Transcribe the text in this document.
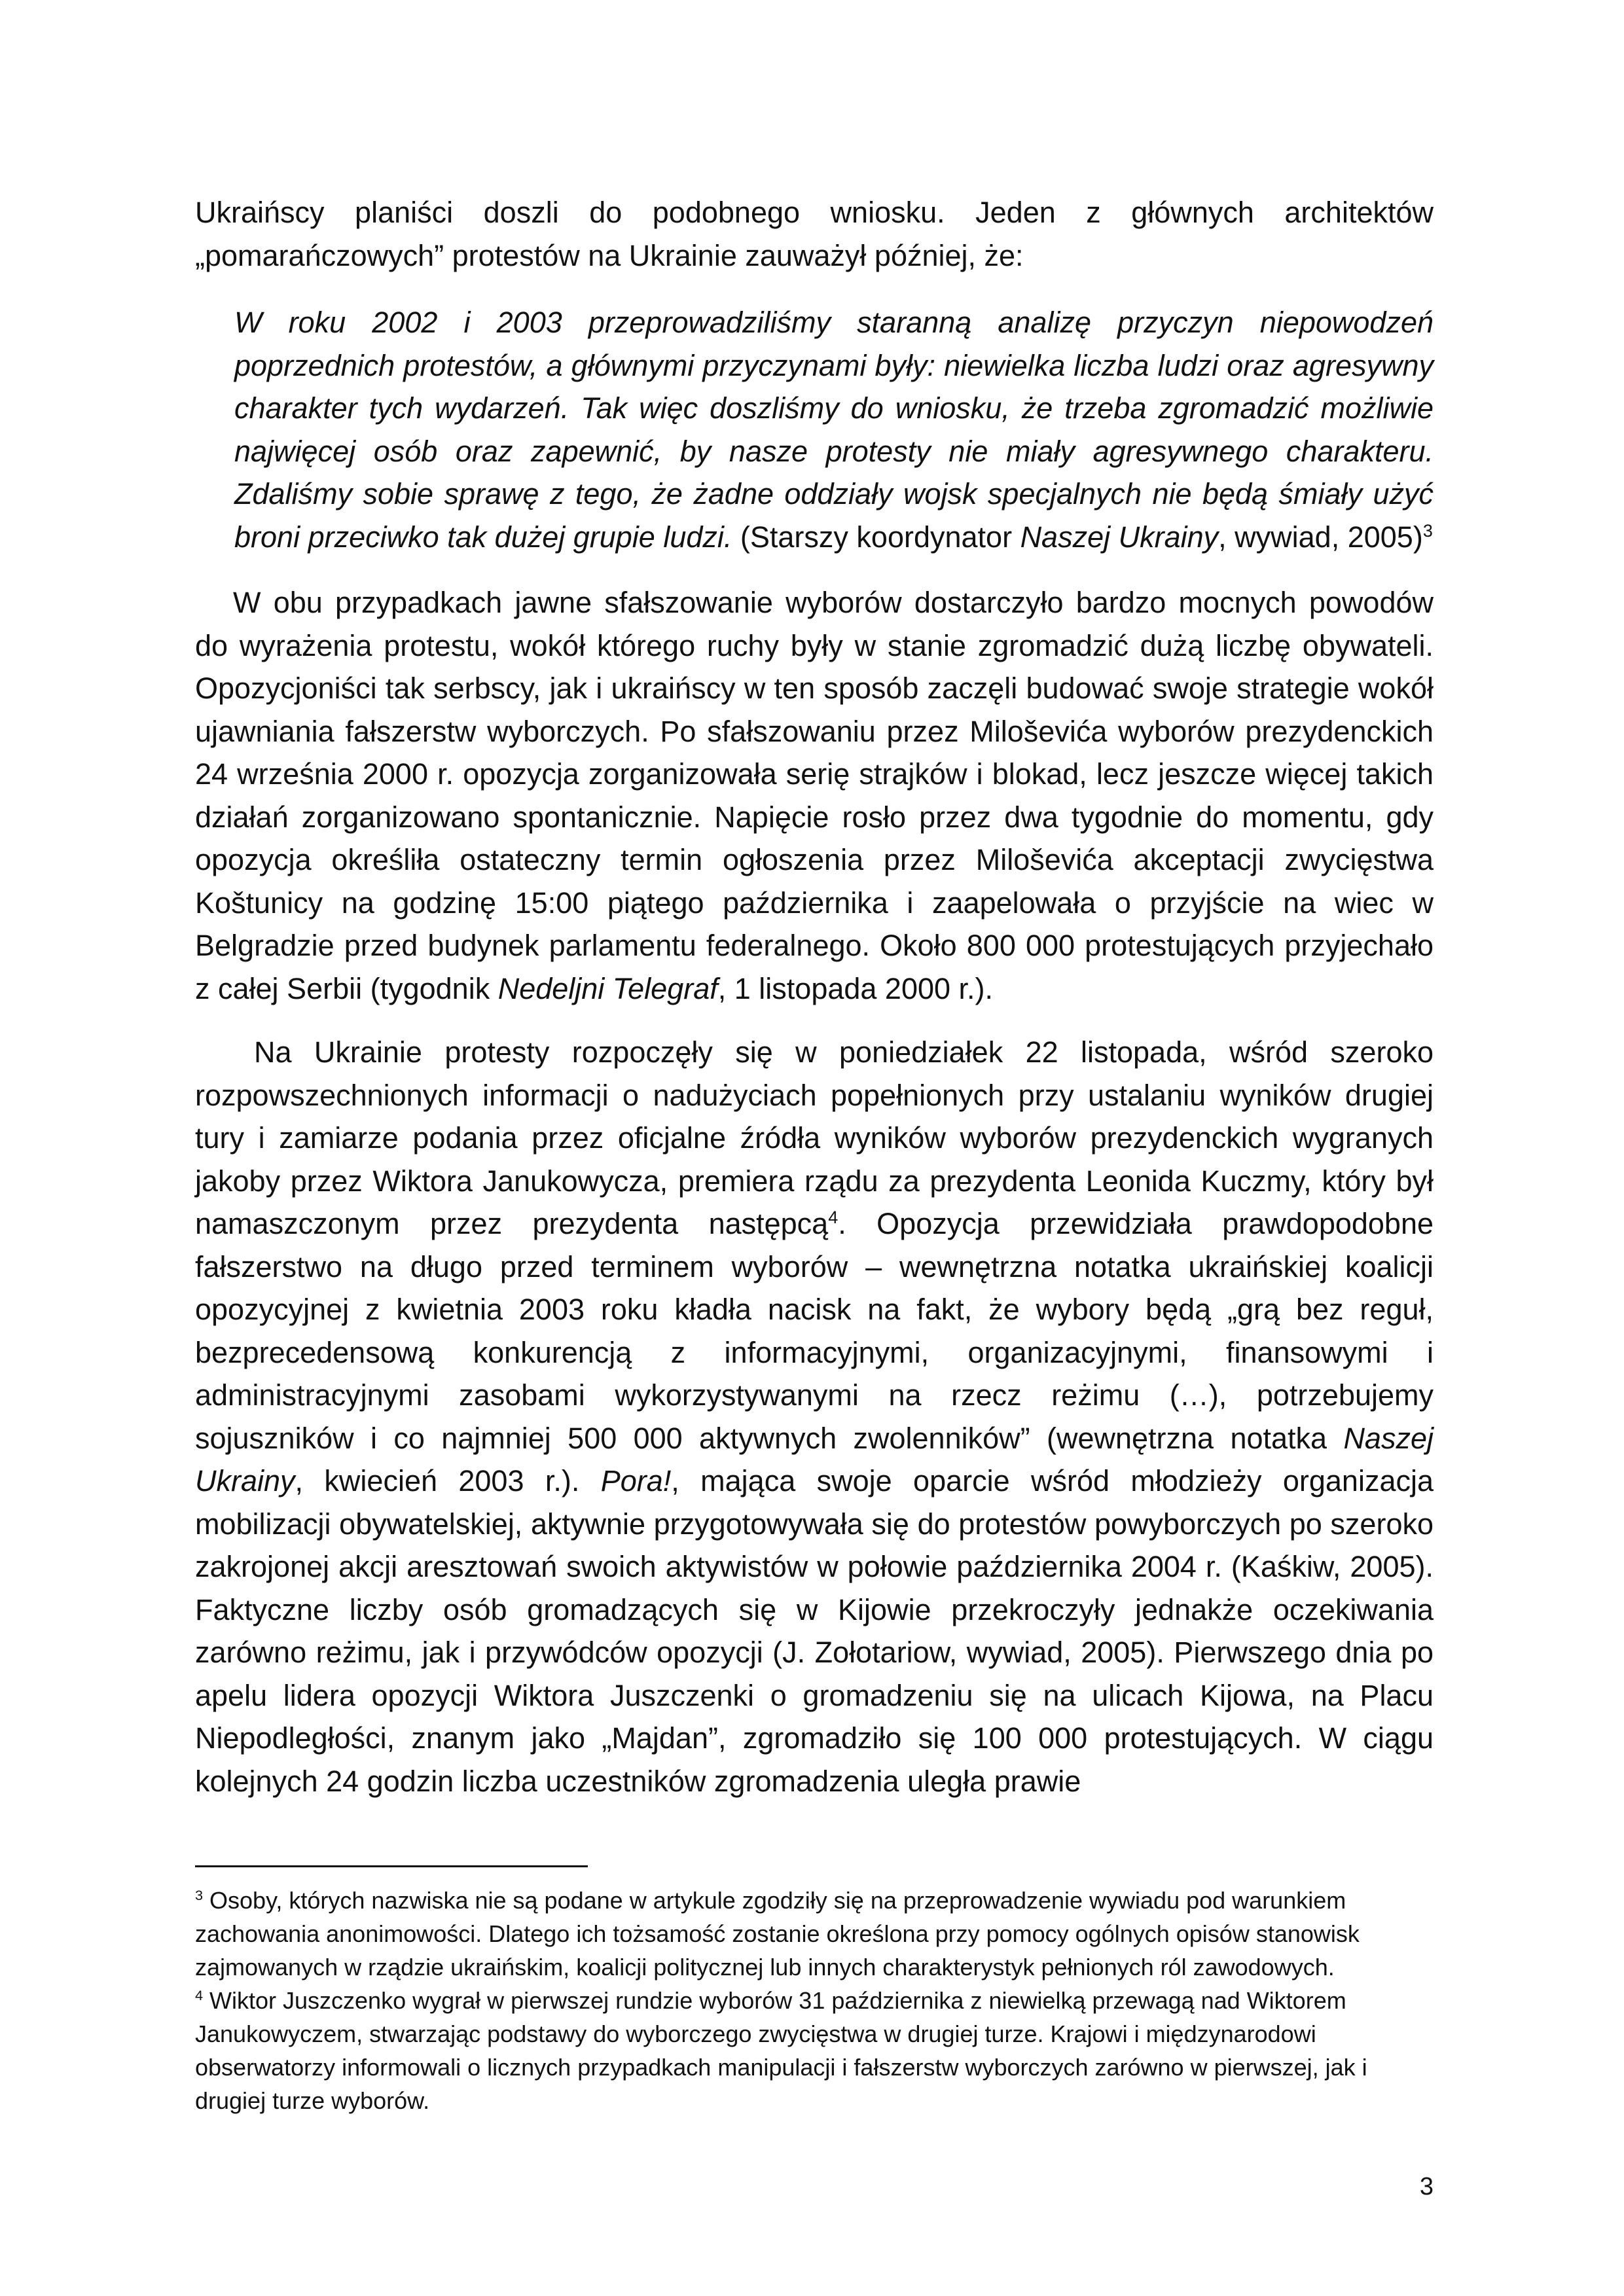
Ukraińscy planiści doszli do podobnego wniosku. Jeden z głównych architektów „pomarańczowych” protestów na Ukrainie zauważył później, że:

W roku 2002 i 2003 przeprowadziliśmy staranną analizę przyczyn niepowodzeń poprzednich protestów, a głównymi przyczynami były: niewielka liczba ludzi oraz agresywny charakter tych wydarzeń. Tak więc doszliśmy do wniosku, że trzeba zgromadzić możliwie najwięcej osób oraz zapewnić, by nasze protesty nie miały agresywnego charakteru. Zdaliśmy sobie sprawę z tego, że żadne oddziały wojsk specjalnych nie będą śmiały użyć broni przeciwko tak dużej grupie ludzi. (Starszy koordynator Naszej Ukrainy, wywiad, 2005)$^3$

W obu przypadkach jawne sfałszowanie wyborów dostarczyło bardzo mocnych powodów do wyrażenia protestu, wokół którego ruchy były w stanie zgromadzić dużą liczbę obywateli. Opozycjoniści tak serbscy, jak i ukraińscy w ten sposób zaczęli budować swoje strategie wokół ujawniania fałszerstw wyborczych. Po sfałszowaniu przez Miloševića wyborów prezydenckich 24 września 2000 r. opozycja zorganizowała serię strajków i blokad, lecz jeszcze więcej takich działań zorganizowano spontanicznie. Napięcie rosło przez dwa tygodnie do momentu, gdy opozycja określiła ostateczny termin ogłoszenia przez Miloševića akceptacji zwycięstwa Koštunicy na godzinę 15:00 piątego października i zaapelowała o przyjście na wiec w Belgradzie przed budynek parlamentu federalnego. Około 800 000 protestujących przyjechało z całej Serbii (tygodnik Nedeljni Telegraf, 1 listopada 2000 r.).

Na Ukrainie protesty rozpoczęły się w poniedziałek 22 listopada, wśród szeroko rozpowszechnionych informacji o nadużyciach popełnionych przy ustalaniu wyników drugiej tury i zamiarze podania przez oficjalne źródła wyników wyborów prezydenckich wygranych jakoby przez Wiktora Janukowycza, premiera rządu za prezydenta Leonida Kuczmy, który był namaszczonym przez prezydenta następcą$^4$. Opozycja przewidziała prawdopodobne fałszerstwo na długo przed terminem wyborów – wewnętrzna notatka ukraińskiej koalicji opozycyjnej z kwietnia 2003 roku kładła nacisk na fakt, że wybory będą „grą bez reguł, bezprecedensową konkurencją z informacyjnymi, organizacyjnymi, finansowymi i administracyjnymi zasobami wykorzystywanymi na rzecz reżimu (…), potrzebujemy sojuszników i co najmniej 500 000 aktywnych zwolenników” (wewnętrzna notatka Naszej Ukrainy, kwiecień 2003 r.). Pora!, mająca swoje oparcie wśród młodzieży organizacja mobilizacji obywatelskiej, aktywnie przygotowywała się do protestów powyborczych po szeroko zakrojonej akcji aresztowań swoich aktywistów w połowie października 2004 r. (Kaśkiw, 2005). Faktyczne liczby osób gromadzących się w Kijowie przekroczyły jednakże oczekiwania zarówno reżimu, jak i przywódców opozycji (J. Zołotariow, wywiad, 2005). Pierwszego dnia po apelu lidera opozycji Wiktora Juszczenki o gromadzeniu się na ulicach Kijowa, na Placu Niepodległości, znanym jako „Majdan”, zgromadziło się 100 000 protestujących. W ciągu kolejnych 24 godzin liczba uczestników zgromadzenia uległa prawie

$^3$ Osoby, których nazwiska nie są podane w artykule zgodziły się na przeprowadzenie wywiadu pod warunkiem zachowania anonimowości. Dlatego ich tożsamość zostanie określona przy pomocy ogólnych opisów stanowisk zajmowanych w rządzie ukraińskim, koalicji politycznej lub innych charakterystyk pełnionych ról zawodowych.

$^4$ Wiktor Juszczenko wygrał w pierwszej rundzie wyborów 31 października z niewielką przewagą nad Wiktorem Janukowyczem, stwarzając podstawy do wyborczego zwycięstwa w drugiej turze. Krajowi i międzynarodowi obserwatorzy informowali o licznych przypadkach manipulacji i fałszerstw wyborczych zarówno w pierwszej, jak i drugiej turze wyborów.

3
